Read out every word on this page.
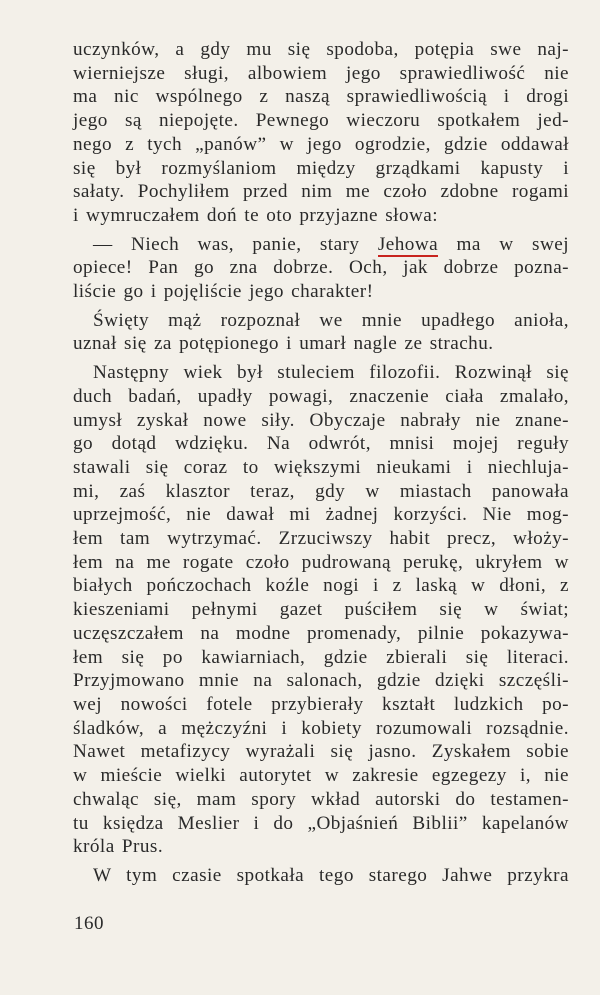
uczynków, a gdy mu się spodoba, potępia swe naj-
wierniejsze sługi, albowiem jego sprawiedliwość nie
ma nic wspólnego z naszą sprawiedliwością i drogi
jego są niepojęte. Pewnego wieczoru spotkałem jed-
nego z tych „panów” w jego ogrodzie, gdzie oddawał
się był rozmyślaniom między grządkami kapusty i
sałaty. Pochyliłem przed nim me czoło zdobne rogami
i wymruczałem doń te oto przyjazne słowa:
— Niech was, panie, stary Jehowa ma w swej
opiece! Pan go zna dobrze. Och, jak dobrze pozna-
liście go i pojęliście jego charakter!
Święty mąż rozpoznał we mnie upadłego anioła,
uznał się za potępionego i umarł nagle ze strachu.
Następny wiek był stuleciem filozofii. Rozwinął się
duch badań, upadły powagi, znaczenie ciała zmalało,
umysł zyskał nowe siły. Obyczaje nabrały nie znane-
go dotąd wdzięku. Na odwrót, mnisi mojej reguły
stawali się coraz to większymi nieukami i niechluja-
mi, zaś klasztor teraz, gdy w miastach panowała
uprzejmość, nie dawał mi żadnej korzyści. Nie mog-
łem tam wytrzymać. Zrzuciwszy habit precz, włoży-
łem na me rogate czoło pudrowaną perukę, ukryłem w
białych pończochach koźle nogi i z laską w dłoni, z
kieszeniami pełnymi gazet puściłem się w świat;
uczęszczałem na modne promenady, pilnie pokazywa-
łem się po kawiarniach, gdzie zbierali się literaci.
Przyjmowano mnie na salonach, gdzie dzięki szczęśli-
wej nowości fotele przybierały kształt ludzkich po-
śladków, a mężczyźni i kobiety rozumowali rozsądnie.
Nawet metafizycy wyrażali się jasno. Zyskałem sobie
w mieście wielki autorytet w zakresie egzegezy i, nie
chwaląc się, mam spory wkład autorski do testamen-
tu księdza Meslier i do „Objaśnień Biblii” kapelanów
króla Prus.
W tym czasie spotkała tego starego Jahwe przykra
160
